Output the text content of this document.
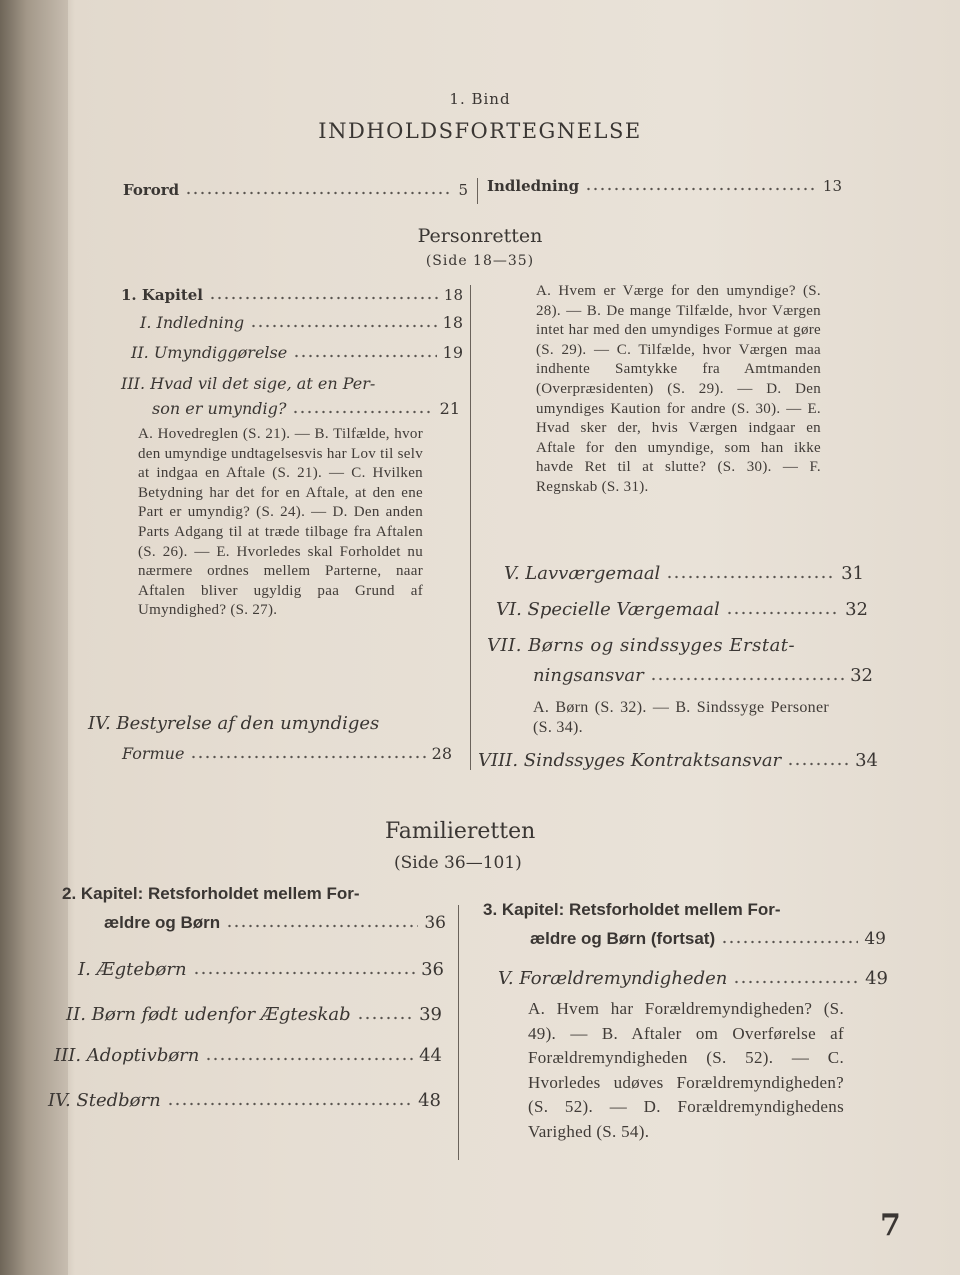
1. Bind
INDHOLDSFORTEGNELSE
Forord	5 Indledning	13
Personretten
(Side 18—35)
1. Kapitel	18
I. Indledning	18
II. Umyndiggørelse	19
III. Hvad vil det sige, at en Per-
son er umyndig?	21
A. Hovedreglen (S. 21). — B. Tilfælde, hvor den umyndige undtagelsesvis har Lov til selv at indgaa en Aftale (S. 21). — C. Hvilken Betydning har det for en Aftale, at den ene Part er umyndig? (S. 24). — D. Den anden Parts Adgang til at træde tilbage fra Aftalen (S. 26). — E. Hvorledes skal Forholdet nu nærmere ordnes mellem Parterne, naar Aftalen bliver ugyldig paa Grund af Umyndighed? (S. 27).
IV. Bestyrelse af den umyndiges
Formue	28
A. Hvem er Værge for den umyndige? (S. 28). — B. De mange Tilfælde, hvor Værgen intet har med den umyndiges Formue at gøre (S. 29). — C. Tilfælde, hvor Værgen maa indhente Samtykke fra Amtmanden (Overpræsidenten) (S. 29). — D. Den umyndiges Kaution for andre (S. 30). — E. Hvad sker der, hvis Værgen indgaar en Aftale for den umyndige, som han ikke havde Ret til at slutte? (S. 30). — F. Regnskab (S. 31).
V. Lavværgemaal	31
VI. Specielle Værgemaal	32
VII. Børns og sindssyges Erstat-
ningsansvar	32
A. Børn (S. 32). — B. Sindssyge Personer (S. 34).
VIII. Sindssyges Kontraktsansvar	34
Familieretten
(Side 36—101)
2. Kapitel: Retsforholdet mellem For-
ældre og Børn	36
I. Ægtebørn	36
II. Børn født udenfor Ægteskab	39
III. Adoptivbørn	44
IV. Stedbørn	48
3. Kapitel: Retsforholdet mellem For-
ældre og Børn (fortsat)	49
V. Forældremyndigheden	49
A. Hvem har Forældremyndigheden? (S. 49). — B. Aftaler om Overførelse af Forældremyndigheden (S. 52). — C. Hvorledes udøves Forældremyndigheden? (S. 52). — D. Forældremyndighedens Varighed (S. 54).
7
